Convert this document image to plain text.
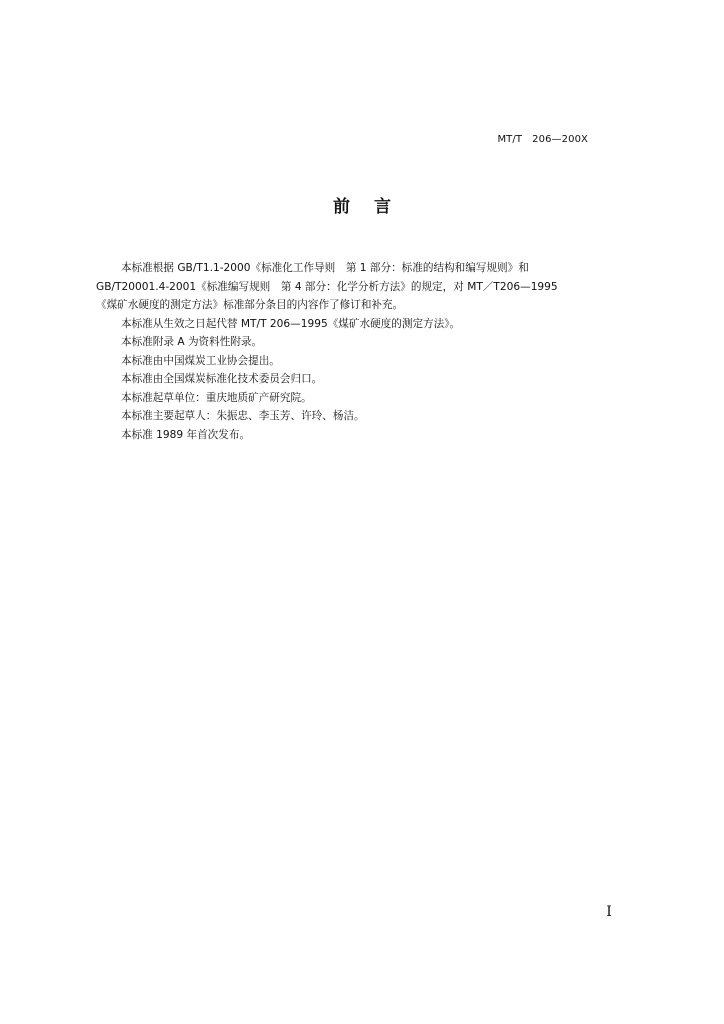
MT/T　206—200X
前言

本标准根据 GB/T1.1-2000《标准化工作导则　第 1 部分：标准的结构和编写规则》和
GB/T20001.4-2001《标准编写规则　第 4 部分：化学分析方法》的规定，对 MT／T206—1995
《煤矿水硬度的测定方法》标准部分条目的内容作了修订和补充。

本标准从生效之日起代替 MT/T 206—1995《煤矿水硬度的测定方法》。

本标准附录 A 为资料性附录。

本标准由中国煤炭工业协会提出。

本标准由全国煤炭标准化技术委员会归口。

本标准起草单位：重庆地质矿产研究院。

本标准主要起草人：朱振忠、李玉芳、许玲、杨洁。

本标准 1989 年首次发布。

I
